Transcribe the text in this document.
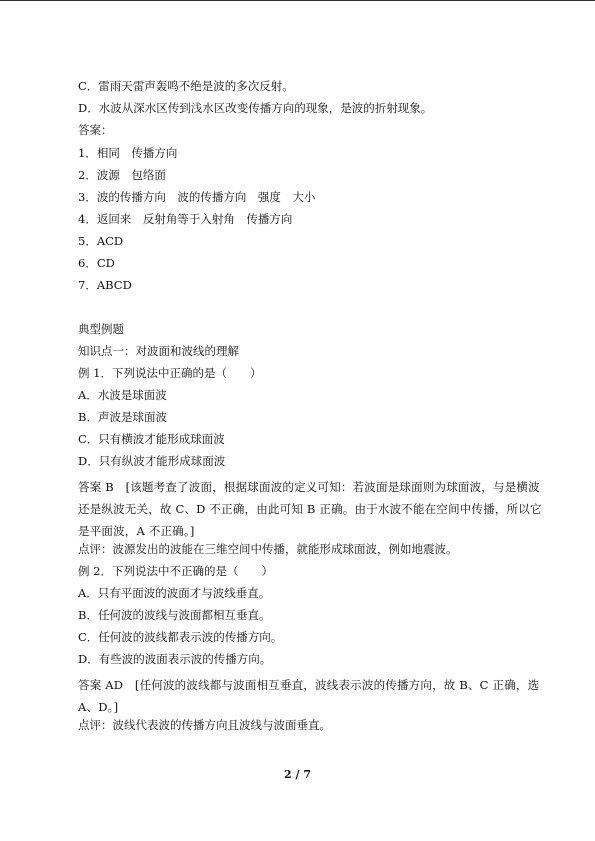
C．雷雨天雷声轰鸣不绝是波的多次反射。
D．水波从深水区传到浅水区改变传播方向的现象，是波的折射现象。
答案：
1．相同　传播方向
2．波源　包络面
3．波的传播方向　波的传播方向　强度　大小
4．返回来　反射角等于入射角　传播方向
5．ACD
6．CD
7．ABCD
典型例题
知识点一：对波面和波线的理解
例 1．下列说法中正确的是（　　）
A．水波是球面波
B．声波是球面波
C．只有横波才能形成球面波
D．只有纵波才能形成球面波
答案 B　[该题考查了波面，根据球面波的定义可知：若波面是球面则为球面波，与是横波还是纵波无关，故 C、D 不正确，由此可知 B 正确。由于水波不能在空间中传播，所以它是平面波，A 不正确。]
点评：波源发出的波能在三维空间中传播，就能形成球面波，例如地震波。
例 2．下列说法中不正确的是（　　）
A．只有平面波的波面才与波线垂直。
B．任何波的波线与波面都相互垂直。
C．任何波的波线都表示波的传播方向。
D．有些波的波面表示波的传播方向。
答案 AD　[任何波的波线都与波面相互垂直，波线表示波的传播方向，故 B、C 正确，选 A、D。]
点评：波线代表波的传播方向且波线与波面垂直。
2 / 7
